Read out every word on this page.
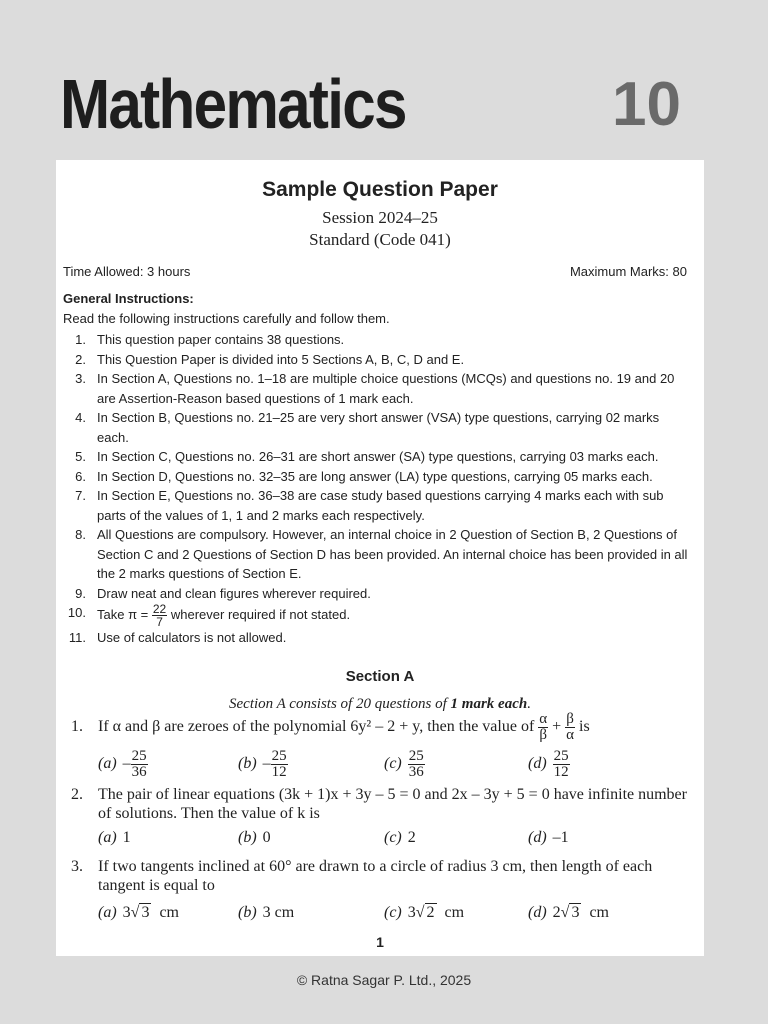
Mathematics	10
Sample Question Paper
Session 2024–25
Standard (Code 041)
Time Allowed: 3 hours	Maximum Marks: 80
General Instructions:
Read the following instructions carefully and follow them.
1. This question paper contains 38 questions.
2. This Question Paper is divided into 5 Sections A, B, C, D and E.
3. In Section A, Questions no. 1–18 are multiple choice questions (MCQs) and questions no. 19 and 20 are Assertion-Reason based questions of 1 mark each.
4. In Section B, Questions no. 21–25 are very short answer (VSA) type questions, carrying 02 marks each.
5. In Section C, Questions no. 26–31 are short answer (SA) type questions, carrying 03 marks each.
6. In Section D, Questions no. 32–35 are long answer (LA) type questions, carrying 05 marks each.
7. In Section E, Questions no. 36–38 are case study based questions carrying 4 marks each with sub parts of the values of 1, 1 and 2 marks each respectively.
8. All Questions are compulsory. However, an internal choice in 2 Question of Section B, 2 Questions of Section C and 2 Questions of Section D has been provided. An internal choice has been provided in all the 2 marks questions of Section E.
9. Draw neat and clean figures wherever required.
10. Take $\pi = \frac{22}{7}$ wherever required if not stated.
11. Use of calculators is not allowed.
Section A
Section A consists of 20 questions of 1 mark each.
1. If α and β are zeroes of the polynomial 6y² – 2 + y, then the value of $\frac{\alpha}{\beta} + \frac{\beta}{\alpha}$ is
$(a) - \frac{25}{36}$	$(b) - \frac{25}{12}$	$(c) \frac{25}{36}$	$(d) \frac{25}{12}$
2. The pair of linear equations (3k + 1)x + 3y – 5 = 0 and 2x – 3y + 5 = 0 have infinite number of solutions. Then the value of k is
(a) 1	(b) 0	(c) 2	(d) –1
3. If two tangents inclined at 60° are drawn to a circle of radius 3 cm, then length of each tangent is equal to
(a) 3√ 3 cm	(b) 3 cm	(c) 3√ 2 cm	(d) 2√ 3 cm
1
© Ratna Sagar P. Ltd., 2025
